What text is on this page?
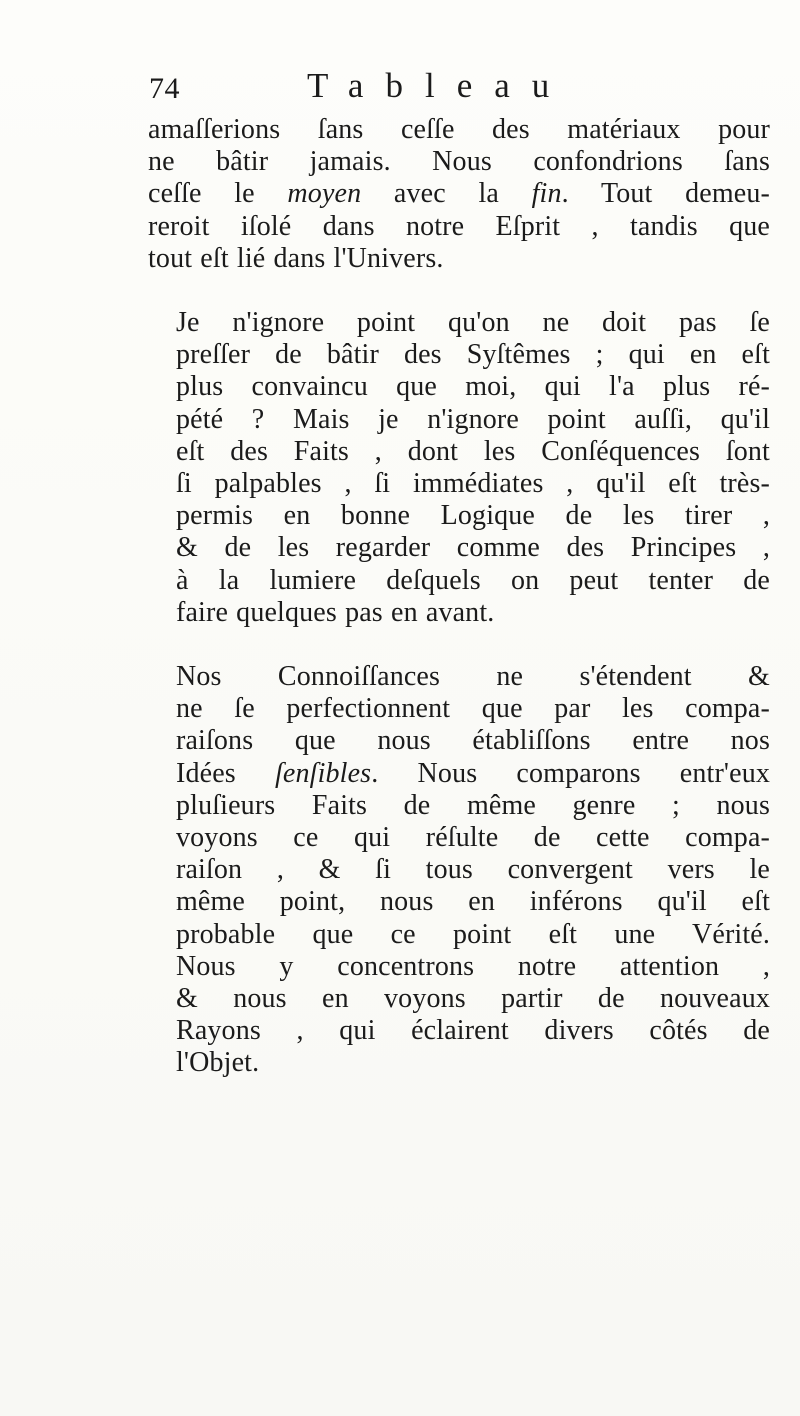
74	Tableau
amaſſerions ſans ceſſe des matériaux pour
ne bâtir jamais. Nous confondrions ſans
ceſſe le moyen avec la fin. Tout demeu-
reroit iſolé dans notre Eſprit , tandis que
tout eſt lié dans l'Univers.
Je n'ignore point qu'on ne doit pas ſe
preſſer de bâtir des Syſtêmes ; qui en eſt
plus convaincu que moi, qui l'a plus ré-
pété ? Mais je n'ignore point auſſi, qu'il
eſt des Faits , dont les Conſéquences ſont
ſi palpables , ſi immédiates , qu'il eſt très-
permis en bonne Logique de les tirer ,
& de les regarder comme des Principes ,
à la lumiere deſquels on peut tenter de
faire quelques pas en avant.
Nos Connoiſſances ne s'étendent &
ne ſe perfectionnent que par les compa-
raiſons que nous établiſſons entre nos
Idées ſenſibles. Nous comparons entr'eux
pluſieurs Faits de même genre ; nous
voyons ce qui réſulte de cette compa-
raiſon , & ſi tous convergent vers le
même point, nous en inférons qu'il eſt
probable que ce point eſt une Vérité.
Nous y concentrons notre attention ,
& nous en voyons partir de nouveaux
Rayons , qui éclairent divers côtés de
l'Objet.
